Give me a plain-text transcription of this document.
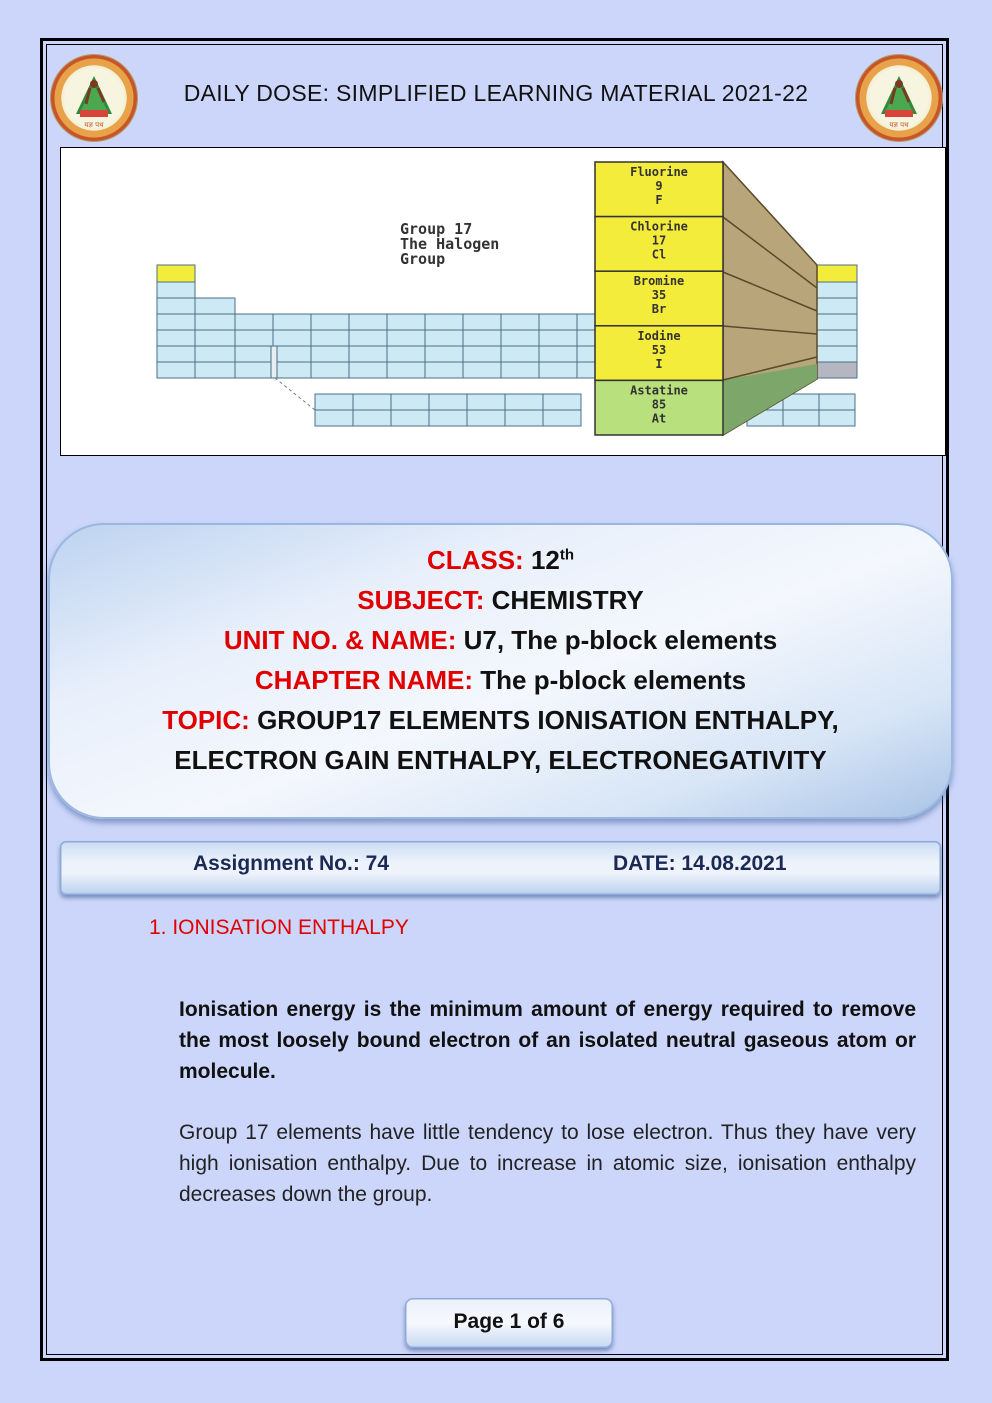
यज्ञ पथ	यज्ञ पथ
DAILY DOSE: SIMPLIFIED LEARNING MATERIAL 2021-22
Fluorine
9
F
Chlorine
17
Cl
Bromine
35
Br
Iodine
53
I
Astatine
85
At
Group 17
The Halogen
Group
CLASS: 12th
SUBJECT: CHEMISTRY
UNIT NO. & NAME: U7, The p-block elements
CHAPTER NAME: The p-block elements
TOPIC: GROUP17 ELEMENTS IONISATION ENTHALPY,
ELECTRON GAIN ENTHALPY, ELECTRONEGATIVITY
Assignment No.: 74	DATE: 14.08.2021
1. IONISATION ENTHALPY
Ionisation energy is the minimum amount of energy required to remove the most loosely bound electron of an isolated neutral gaseous atom or molecule.
Group 17 elements have little tendency to lose electron. Thus they have very high ionisation enthalpy. Due to increase in atomic size, ionisation enthalpy decreases down the group.
Page 1 of 6
